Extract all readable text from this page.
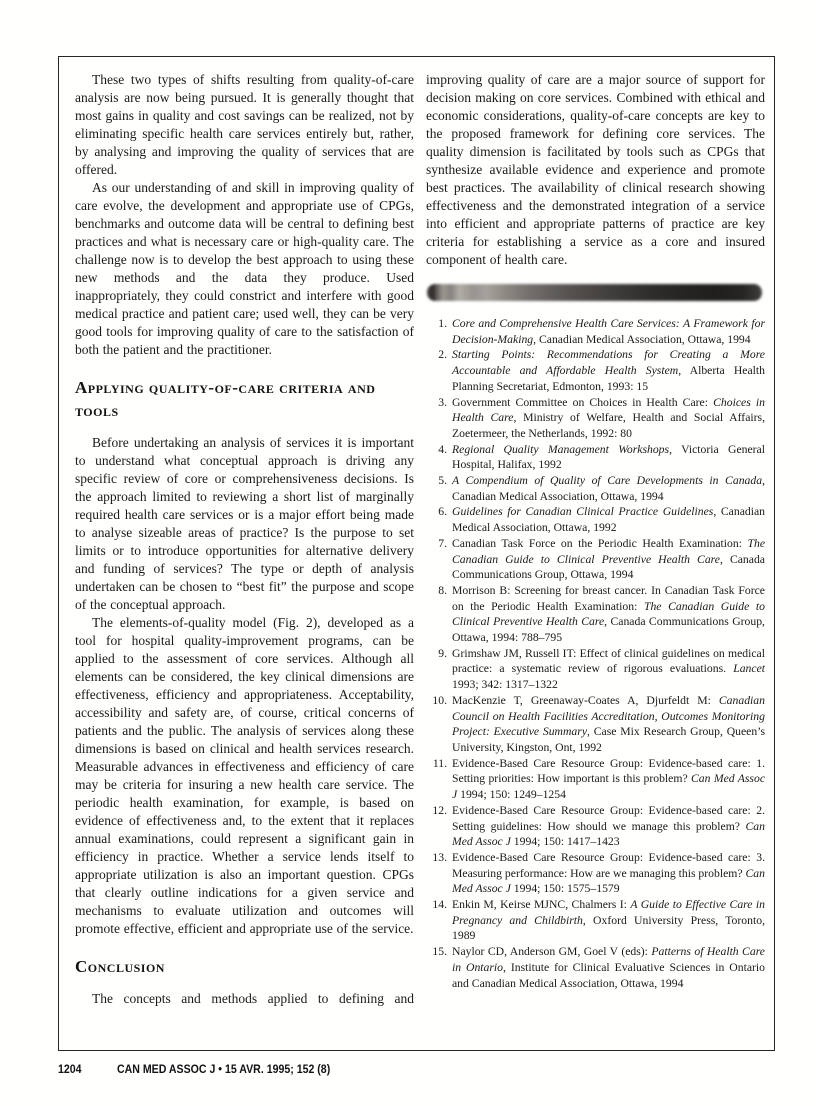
These two types of shifts resulting from quality-of-care analysis are now being pursued. It is generally thought that most gains in quality and cost savings can be realized, not by eliminating specific health care services entirely but, rather, by analysing and improving the quality of services that are offered.

As our understanding of and skill in improving quality of care evolve, the development and appropriate use of CPGs, benchmarks and outcome data will be central to defining best practices and what is necessary care or high-quality care. The challenge now is to develop the best approach to using these new methods and the data they produce. Used inappropriately, they could constrict and interfere with good medical practice and patient care; used well, they can be very good tools for improving quality of care to the satisfaction of both the patient and the practitioner.

Applying quality-of-care criteria and tools

Before undertaking an analysis of services it is important to understand what conceptual approach is driving any specific review of core or comprehensiveness decisions. Is the approach limited to reviewing a short list of marginally required health care services or is a major effort being made to analyse sizeable areas of practice? Is the purpose to set limits or to introduce opportunities for alternative delivery and funding of services? The type or depth of analysis undertaken can be chosen to “best fit” the purpose and scope of the conceptual approach.

The elements-of-quality model (Fig. 2), developed as a tool for hospital quality-improvement programs, can be applied to the assessment of core services. Although all elements can be considered, the key clinical dimensions are effectiveness, efficiency and appropriateness. Acceptability, accessibility and safety are, of course, critical concerns of patients and the public. The analysis of services along these dimensions is based on clinical and health services research. Measurable advances in effectiveness and efficiency of care may be criteria for insuring a new health care service. The periodic health examination, for example, is based on evidence of effectiveness and, to the extent that it replaces annual examinations, could represent a significant gain in efficiency in practice. Whether a service lends itself to appropriate utilization is also an important question. CPGs that clearly outline indications for a given service and mechanisms to evaluate utilization and outcomes will promote effective, efficient and appropriate use of the service.

Conclusion

The concepts and methods applied to defining and

improving quality of care are a major source of support for decision making on core services. Combined with ethical and economic considerations, quality-of-care concepts are key to the proposed framework for defining core services. The quality dimension is facilitated by tools such as CPGs that synthesize available evidence and experience and promote best practices. The availability of clinical research showing effectiveness and the demonstrated integration of a service into efficient and appropriate patterns of practice are key criteria for establishing a service as a core and insured component of health care.

1. Core and Comprehensive Health Care Services: A Framework for Decision-Making, Canadian Medical Association, Ottawa, 1994
2. Starting Points: Recommendations for Creating a More Accountable and Affordable Health System, Alberta Health Planning Secretariat, Edmonton, 1993: 15
3. Government Committee on Choices in Health Care: Choices in Health Care, Ministry of Welfare, Health and Social Affairs, Zoetermeer, the Netherlands, 1992: 80
4. Regional Quality Management Workshops, Victoria General Hospital, Halifax, 1992
5. A Compendium of Quality of Care Developments in Canada, Canadian Medical Association, Ottawa, 1994
6. Guidelines for Canadian Clinical Practice Guidelines, Canadian Medical Association, Ottawa, 1992
7. Canadian Task Force on the Periodic Health Examination: The Canadian Guide to Clinical Preventive Health Care, Canada Communications Group, Ottawa, 1994
8. Morrison B: Screening for breast cancer. In Canadian Task Force on the Periodic Health Examination: The Canadian Guide to Clinical Preventive Health Care, Canada Communications Group, Ottawa, 1994: 788–795
9. Grimshaw JM, Russell IT: Effect of clinical guidelines on medical practice: a systematic review of rigorous evaluations. Lancet 1993; 342: 1317–1322
10. MacKenzie T, Greenaway-Coates A, Djurfeldt M: Canadian Council on Health Facilities Accreditation, Outcomes Monitoring Project: Executive Summary, Case Mix Research Group, Queen’s University, Kingston, Ont, 1992
11. Evidence-Based Care Resource Group: Evidence-based care: 1. Setting priorities: How important is this problem? Can Med Assoc J 1994; 150: 1249–1254
12. Evidence-Based Care Resource Group: Evidence-based care: 2. Setting guidelines: How should we manage this problem? Can Med Assoc J 1994; 150: 1417–1423
13. Evidence-Based Care Resource Group: Evidence-based care: 3. Measuring performance: How are we managing this problem? Can Med Assoc J 1994; 150: 1575–1579
14. Enkin M, Keirse MJNC, Chalmers I: A Guide to Effective Care in Pregnancy and Childbirth, Oxford University Press, Toronto, 1989
15. Naylor CD, Anderson GM, Goel V (eds): Patterns of Health Care in Ontario, Institute for Clinical Evaluative Sciences in Ontario and Canadian Medical Association, Ottawa, 1994
1204	CAN MED ASSOC J • 15 AVR. 1995; 152 (8)
